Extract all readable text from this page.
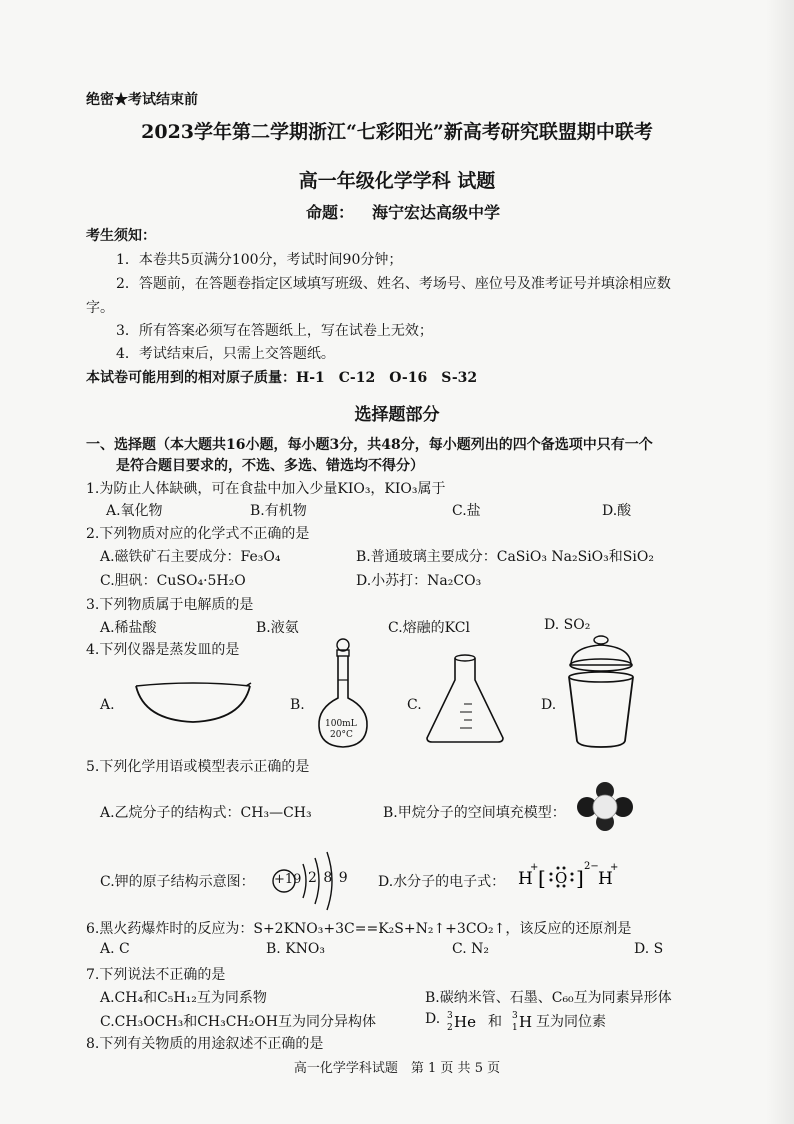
绝密★考试结束前
2023学年第二学期浙江“七彩阳光”新高考研究联盟期中联考
高一年级化学学科 试题
命题： 海宁宏达高级中学
考生须知：
1．本卷共5页满分100分，考试时间90分钟；
2．答题前，在答题卷指定区域填写班级、姓名、考场号、座位号及准考证号并填涂相应数
字。
3．所有答案必须写在答题纸上，写在试卷上无效；
4．考试结束后，只需上交答题纸。
本试卷可能用到的相对原子质量：H-1　C-12　O-16　S-32
选择题部分
一、选择题（本大题共16小题，每小题3分，共48分，每小题列出的四个备选项中只有一个
是符合题目要求的，不选、多选、错选均不得分）
1.为防止人体缺碘，可在食盐中加入少量KIO₃，KIO₃属于
A.氧化物	B.有机物	C.盐	D.酸
2.下列物质对应的化学式不正确的是
A.磁铁矿石主要成分：Fe₃O₄	B.普通玻璃主要成分：CaSiO₃ Na₂SiO₃和SiO₂
C.胆矾：CuSO₄·5H₂O	D.小苏打：Na₂CO₃
3.下列物质属于电解质的是
A.稀盐酸	B.液氨	C.熔融的KCl	D. SO₂
4.下列仪器是蒸发皿的是
A.	B.	C.	D.
100mL
20°C
5.下列化学用语或模型表示正确的是
A.乙烷分子的结构式：CH₃—CH₃	B.甲烷分子的空间填充模型：
C.钾的原子结构示意图： +19 2 8 9 D.水分子的电子式： H
+ [ O ] 2−
H
+
6.黑火药爆炸时的反应为：S+2KNO₃+3C==K₂S+N₂↑+3CO₂↑，该反应的还原剂是
A. C	B. KNO₃	C. N₂	D. S
7.下列说法不正确的是
A.CH₄和C₅H₁₂互为同系物	B.碳纳米管、石墨、C₆₀互为同素异形体
C.CH₃OCH₃和CH₃CH₂OH互为同分异构体	D. 3
2 He 和 3
1 H 互为同位素
8.下列有关物质的用途叙述不正确的是
高一化学学科试题　第 1 页 共 5 页
